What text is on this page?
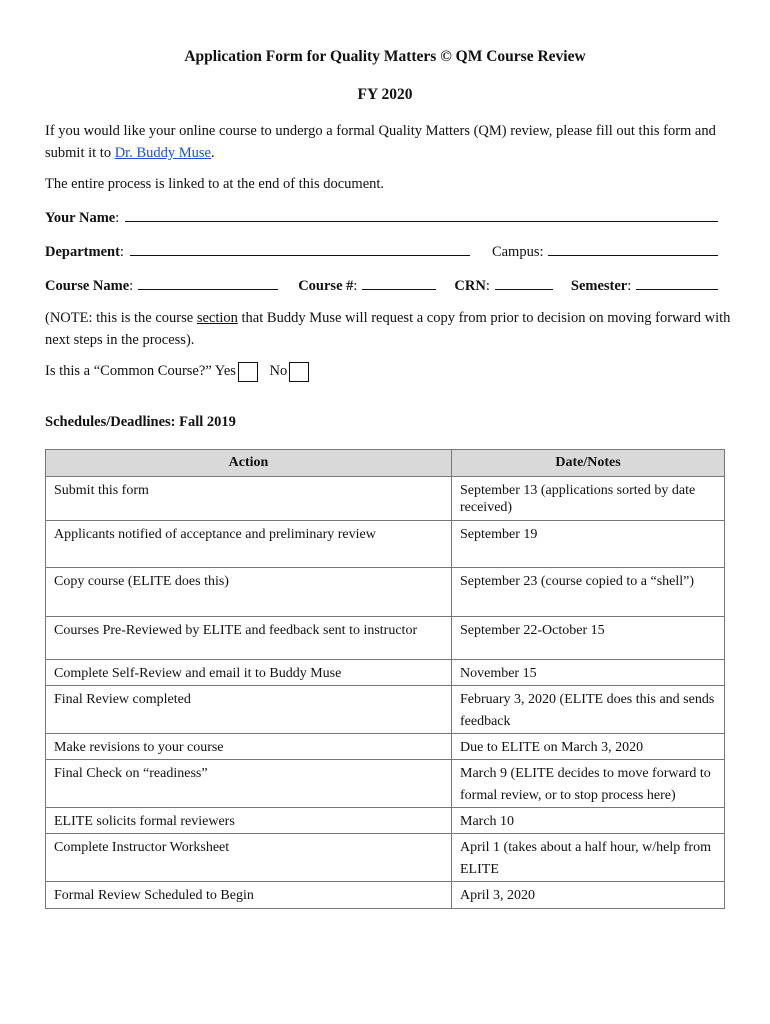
Application Form for Quality Matters © QM Course Review
FY 2020
If you would like your online course to undergo a formal Quality Matters (QM) review, please fill out this form and submit it to Dr. Buddy Muse.
The entire process is linked to at the end of this document.
Your Name :
Department :	Campus:
Course Name :	Course # :	CRN :	Semester :
(NOTE: this is the course section that Buddy Muse will request a copy from prior to decision on moving forward with next steps in the process).
Is this a “Common Course?” Yes No
Schedules/Deadlines: Fall 2019
Action	Date/Notes
Submit this form	September 13 (applications sorted by date received)
Applicants notified of acceptance and preliminary review	September 19
Copy course (ELITE does this)	September 23 (course copied to a “shell”)
Courses Pre-Reviewed by ELITE and feedback sent to instructor	September 22-October 15
Complete Self-Review and email it to Buddy Muse	November 15
Final Review completed	February 3, 2020 (ELITE does this and sends feedback
Make revisions to your course	Due to ELITE on March 3, 2020
Final Check on “readiness”	March 9 (ELITE decides to move forward to formal review, or to stop process here)
ELITE solicits formal reviewers	March 10
Complete Instructor Worksheet	April 1 (takes about a half hour, w/help from ELITE
Formal Review Scheduled to Begin	April 3, 2020
